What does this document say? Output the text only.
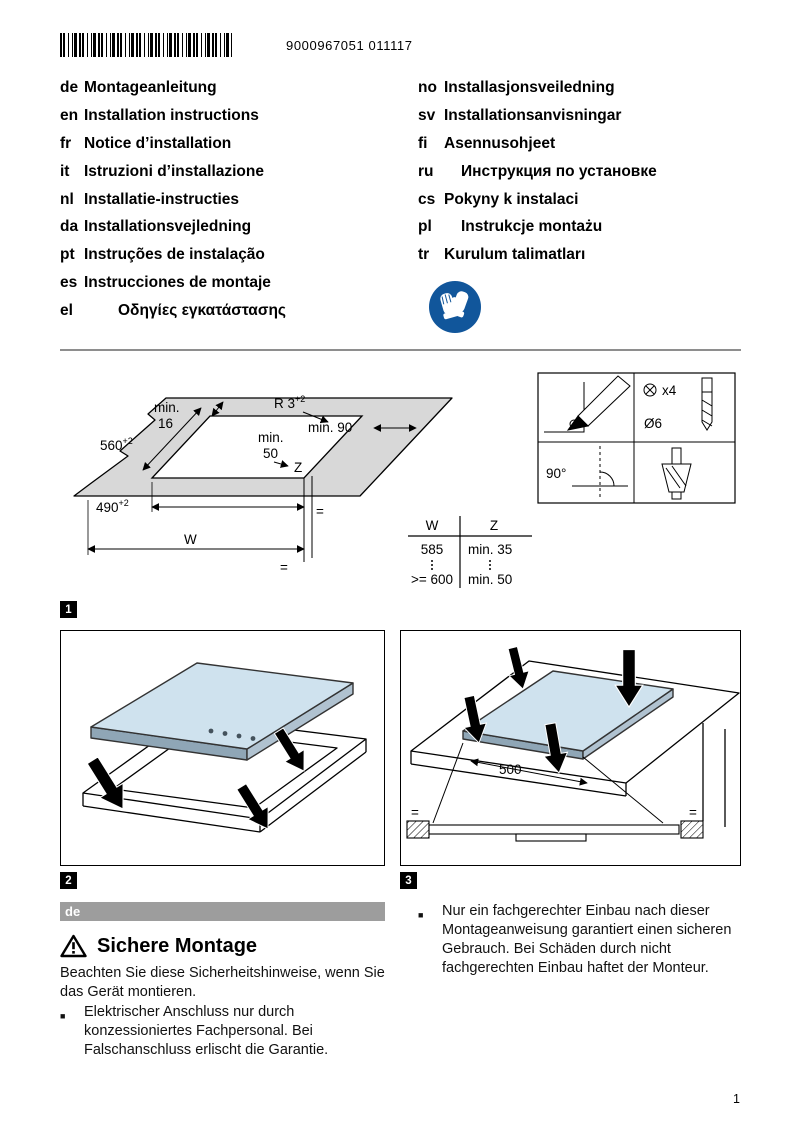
9000967051 011117
de Montageanleitung
en Installation instructions
fr Notice d’installation
it Istruzioni d’installazione
nl Installatie-instructies
da Installationsvejledning
pt Instruções de instalação
es Instrucciones de montaje
el	Οδηγίες εγκατάστασης
no Installasjonsveiledning
sv Installationsanvisningar
fi	Asennusohjeet
ru	Инструкция по установке
cs Pokyny k instalaci
pl	Instrukcje montażu
tr Kurulum talimatları
$560^{+2}$
min.
16
R $3^{+2}$
min. 90
min.
50
Z
$490^{+2}$
W
=
=
W	Z
585 min. 35
>= 600 min. 50
90°
x4
Ø6
1
2
500
=	=
3
de
Sichere Montage
Beachten Sie diese Sicherheitshinweise, wenn Sie das Gerät montieren.
■	Elektrischer Anschluss nur durch konzessioniertes Fachpersonal. Bei Falschanschluss erlischt die Garantie.
■	Nur ein fachgerechter Einbau nach dieser Montageanweisung garantiert einen sicheren Gebrauch. Bei Schäden durch nicht fachgerechten Einbau haftet der Monteur.
1
